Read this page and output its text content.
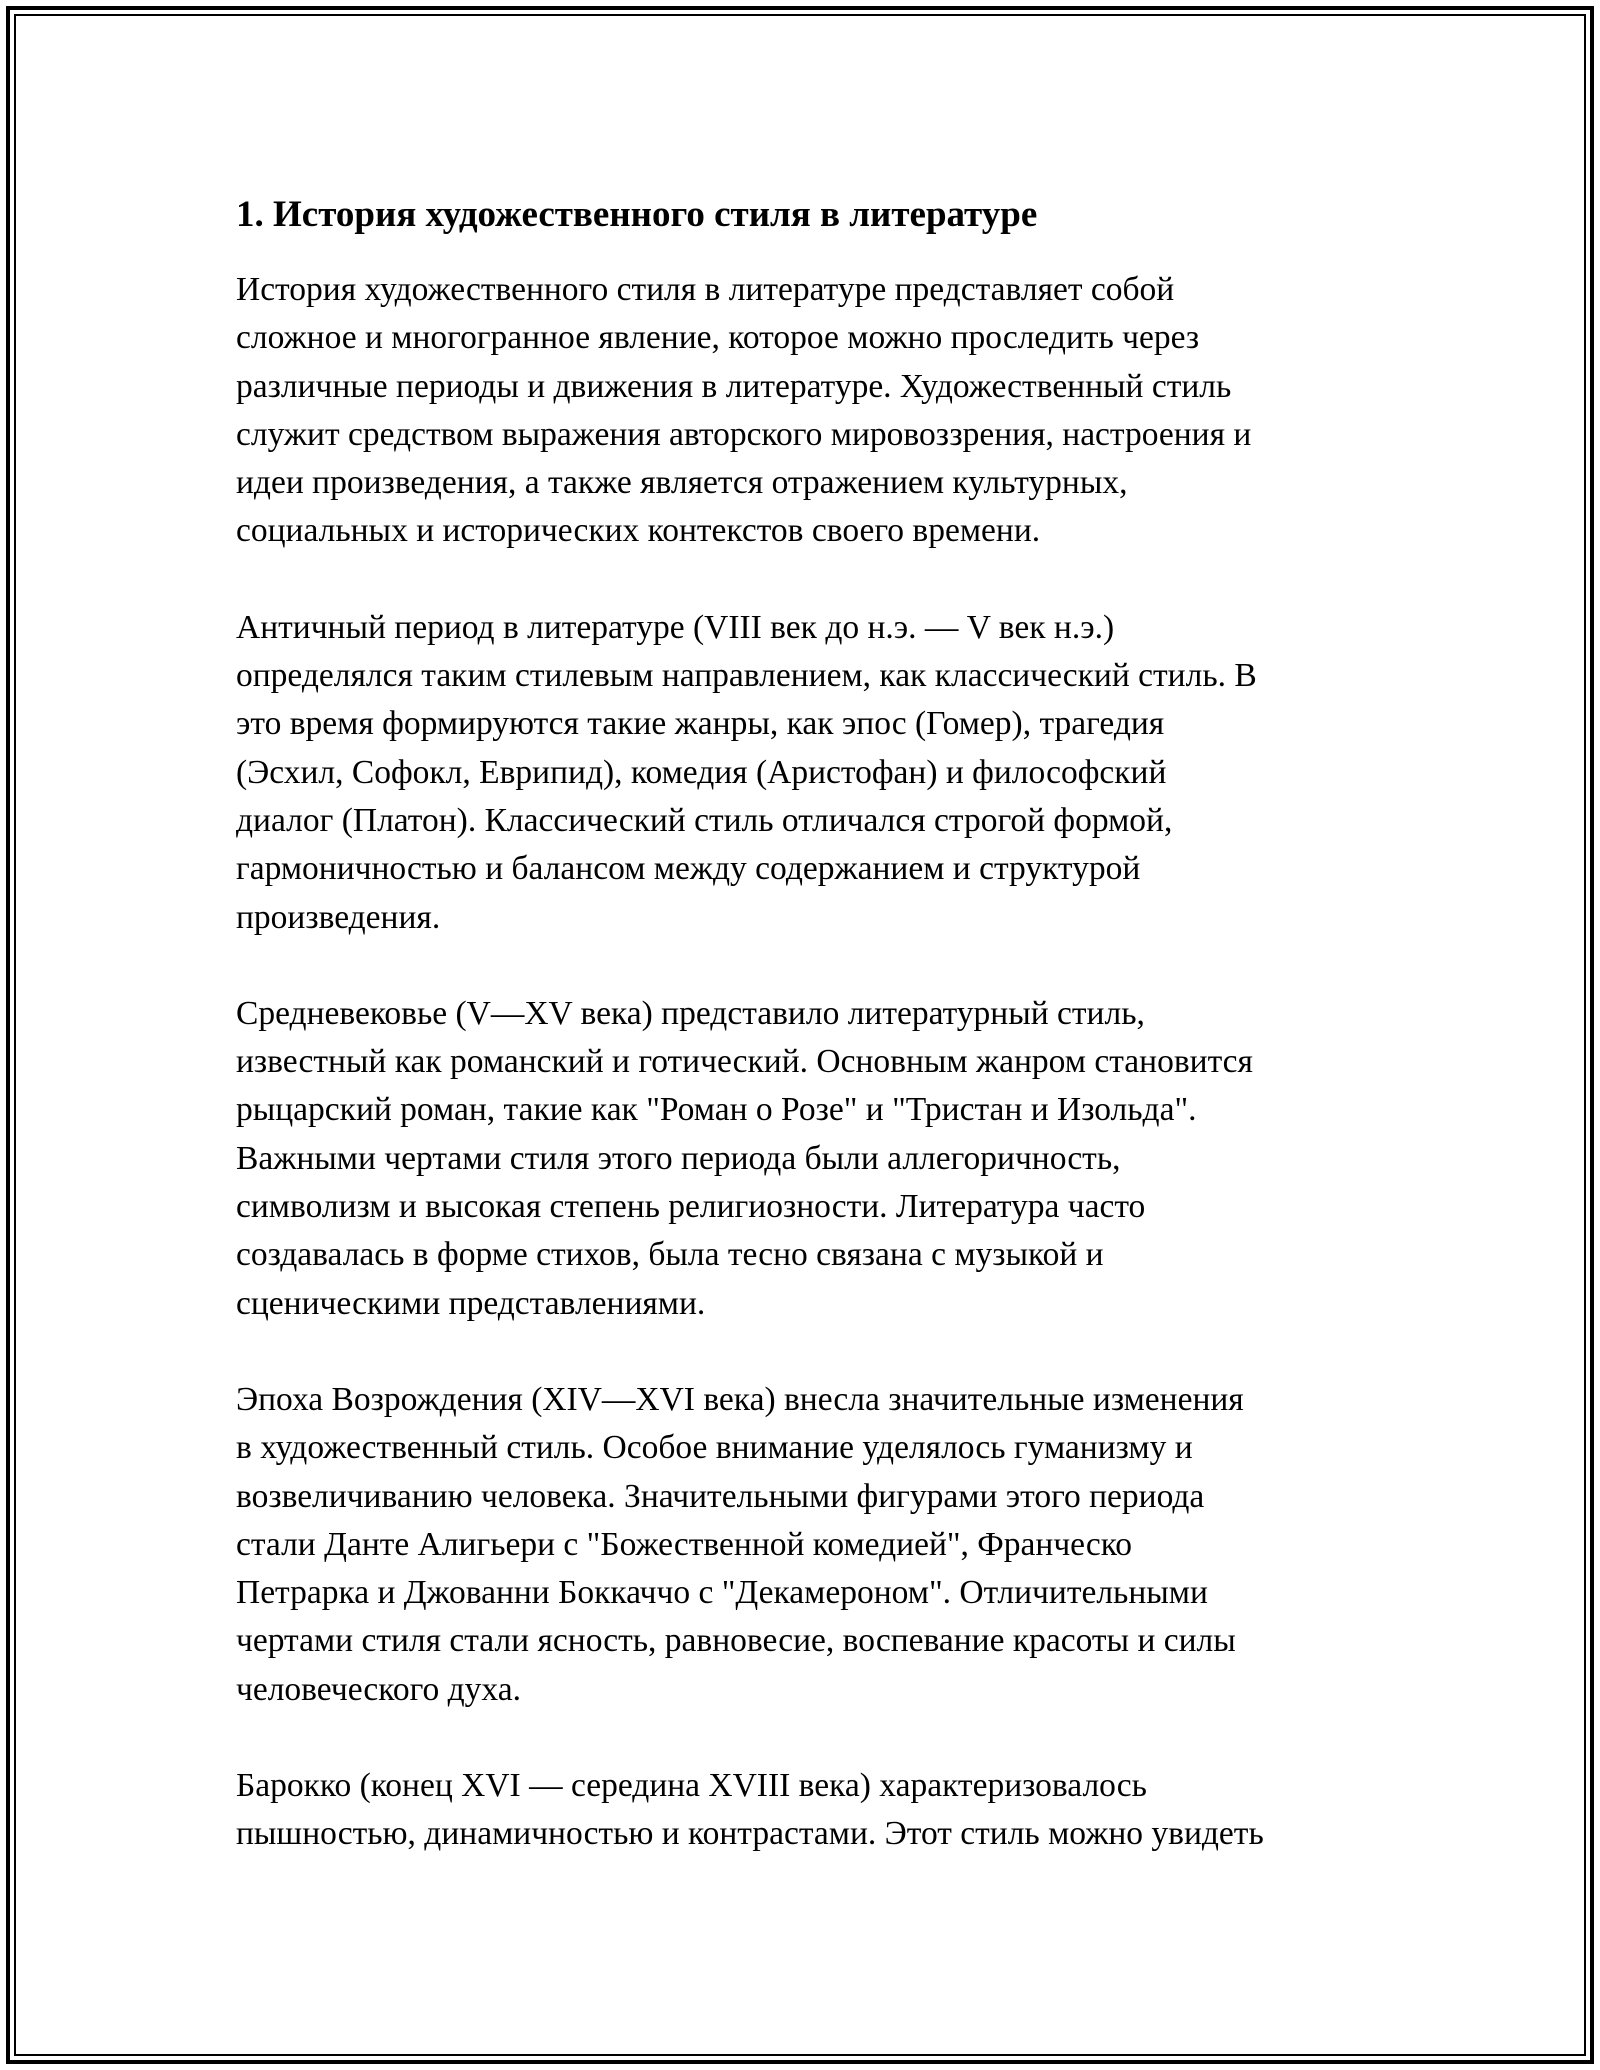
1. История художественного стиля в литературе

История художественного стиля в литературе представляет собой
сложное и многогранное явление, которое можно проследить через
различные периоды и движения в литературе. Художественный стиль
служит средством выражения авторского мировоззрения, настроения и
идеи произведения, а также является отражением культурных,
социальных и исторических контекстов своего времени.

Античный период в литературе (VIII век до н.э. — V век н.э.)
определялся таким стилевым направлением, как классический стиль. В
это время формируются такие жанры, как эпос (Гомер), трагедия
(Эсхил, Софокл, Еврипид), комедия (Аристофан) и философский
диалог (Платон). Классический стиль отличался строгой формой,
гармоничностью и балансом между содержанием и структурой
произведения.

Средневековье (V—XV века) представило литературный стиль,
известный как романский и готический. Основным жанром становится
рыцарский роман, такие как "Роман о Розе" и "Тристан и Изольда".
Важными чертами стиля этого периода были аллегоричность,
символизм и высокая степень религиозности. Литература часто
создавалась в форме стихов, была тесно связана с музыкой и
сценическими представлениями.

Эпоха Возрождения (XIV—XVI века) внесла значительные изменения
в художественный стиль. Особое внимание уделялось гуманизму и
возвеличиванию человека. Значительными фигурами этого периода
стали Данте Алигьери с "Божественной комедией", Франческо
Петрарка и Джованни Боккаччо с "Декамероном". Отличительными
чертами стиля стали ясность, равновесие, воспевание красоты и силы
человеческого духа.

Барокко (конец XVI — середина XVIII века) характеризовалось
пышностью, динамичностью и контрастами. Этот стиль можно увидеть
